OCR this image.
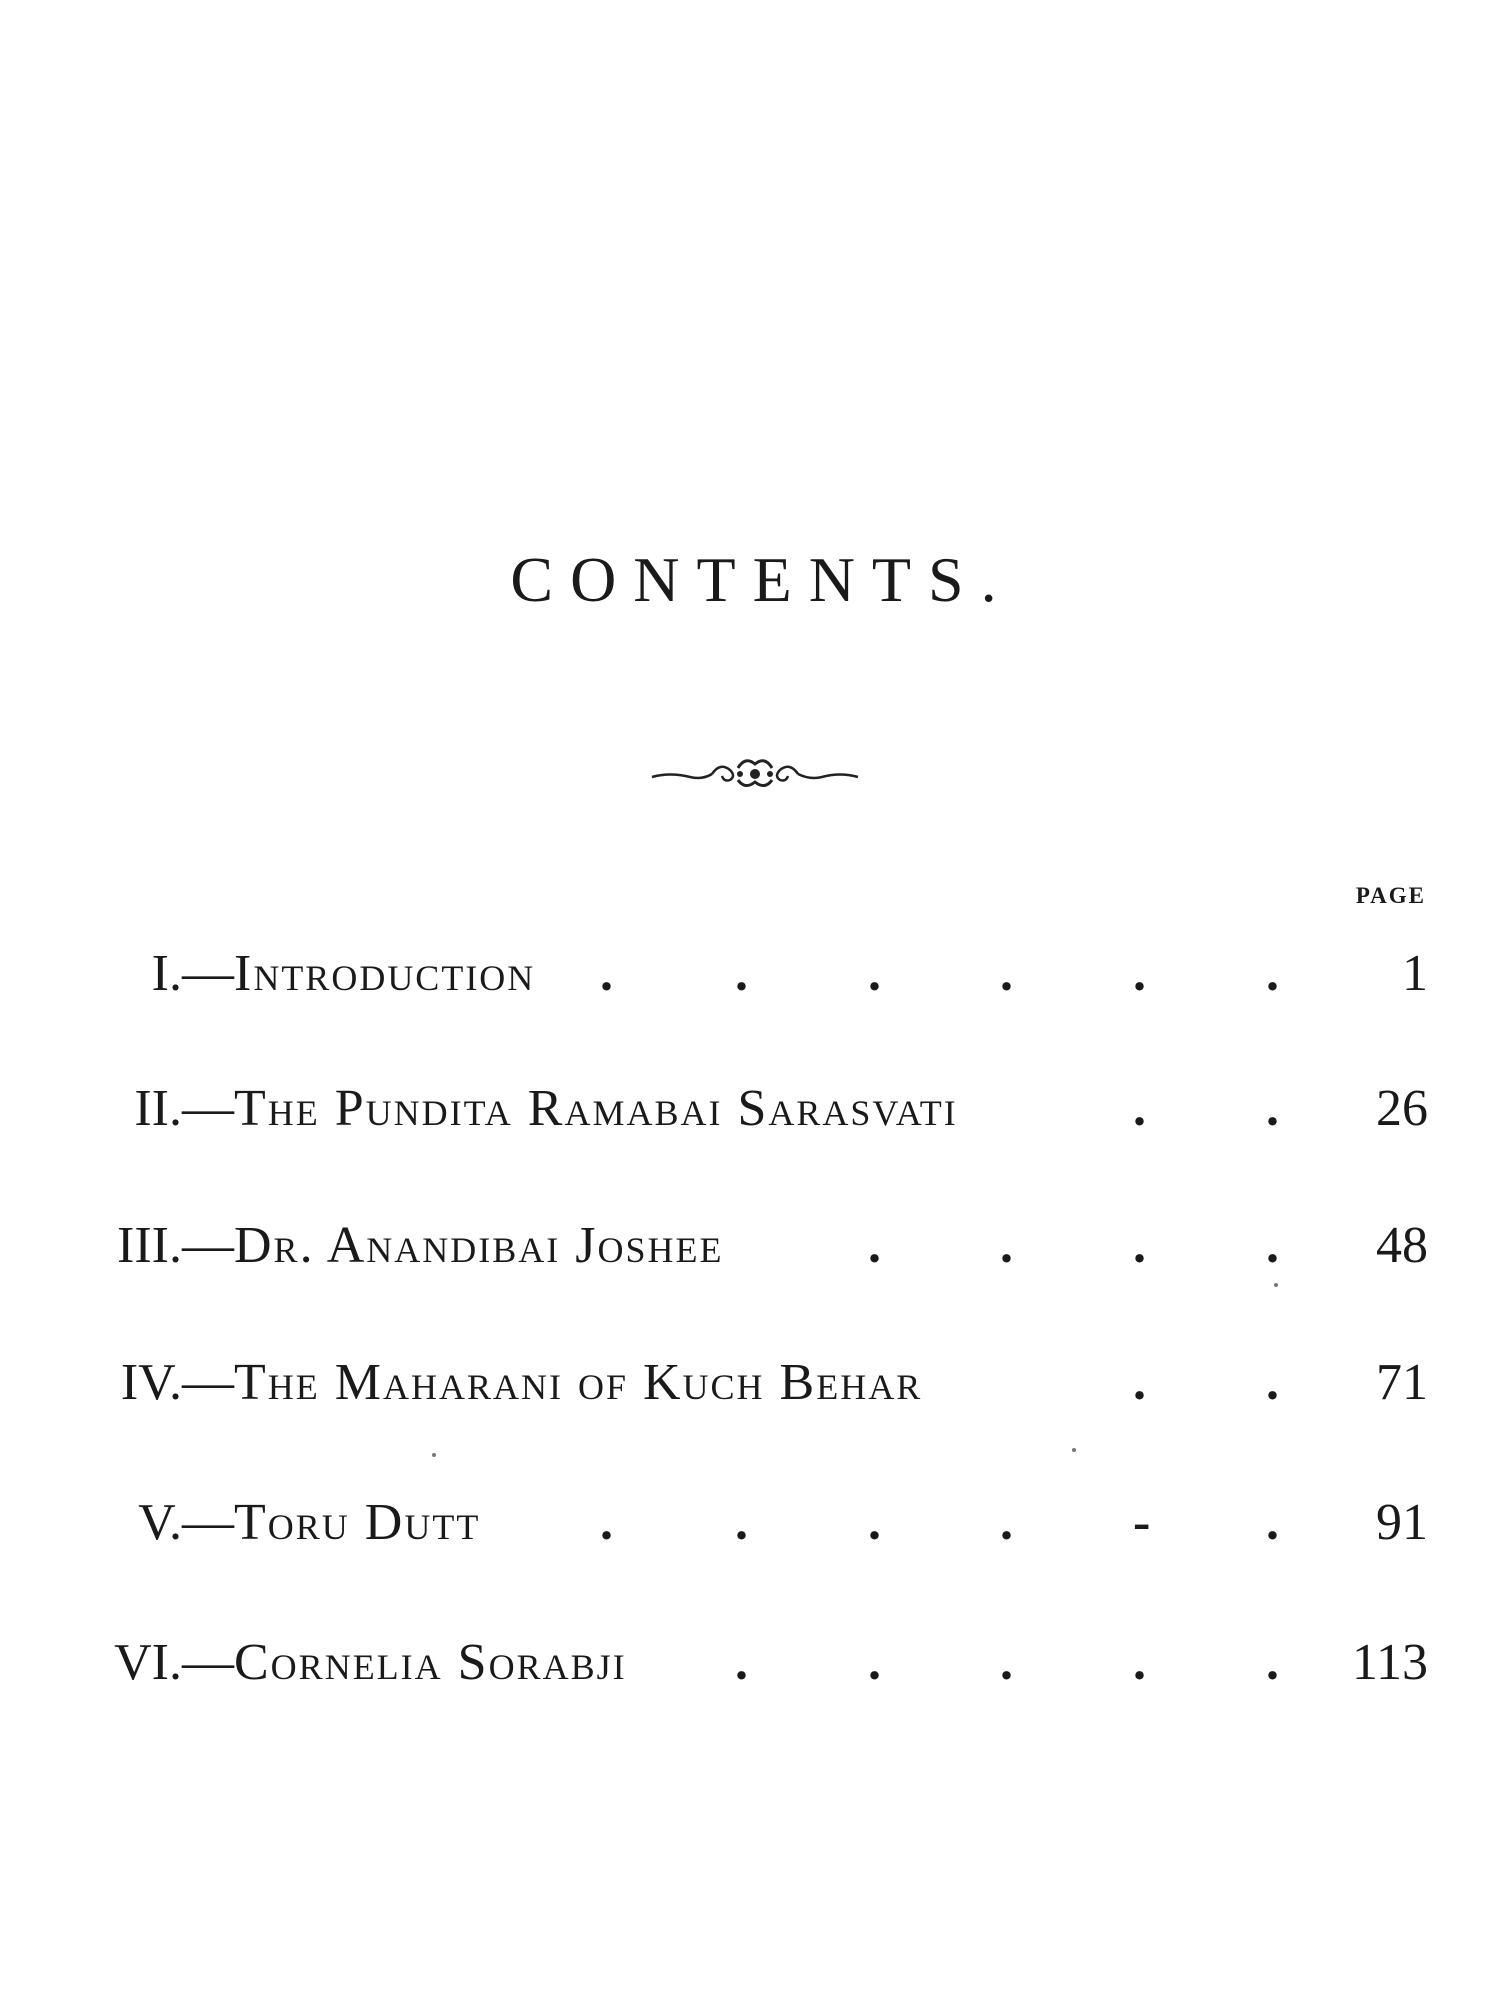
CONTENTS.
PAGE
I.— Introduction . . . . . . 1
II.— The Pundita Ramabai Sarasvati	. . 26
III.— Dr. Anandibai Joshee	. . . . 48
IV.— The Maharani of Kuch Behar	. . 71
V.— Toru Dutt . . . . - . 91
VI.— Cornelia Sorabji . . . . . 113
